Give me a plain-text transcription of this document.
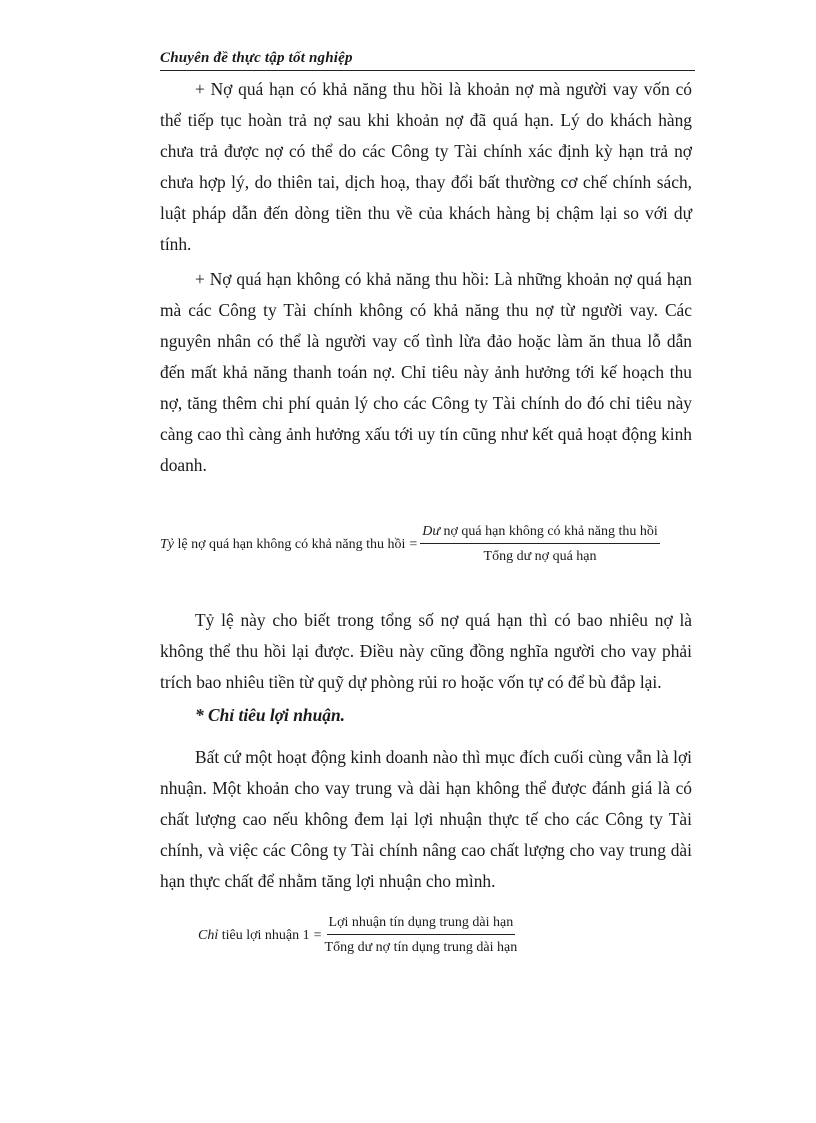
Chuyên đề thực tập tốt nghiệp

+ Nợ quá hạn có khả năng thu hồi là khoản nợ mà người vay vốn có thể tiếp tục hoàn trả nợ sau khi khoản nợ đã quá hạn. Lý do khách hàng chưa trả được nợ có thể do các Công ty Tài chính xác định kỳ hạn trả nợ chưa hợp lý, do thiên tai, dịch hoạ, thay đổi bất thường cơ chế chính sách, luật pháp dẫn đến dòng tiền thu về của khách hàng bị chậm lại so với dự tính.

+ Nợ quá hạn không có khả năng thu hồi: Là những khoản nợ quá hạn mà các Công ty Tài chính không có khả năng thu nợ từ người vay. Các nguyên nhân có thể là người vay cố tình lừa đảo hoặc làm ăn thua lỗ dẫn đến mất khả năng thanh toán nợ. Chỉ tiêu này ảnh hưởng tới kế hoạch thu nợ, tăng thêm chi phí quản lý cho các Công ty Tài chính do đó chỉ tiêu này càng cao thì càng ảnh hưởng xấu tới uy tín cũng như kết quả hoạt động kinh doanh.

Tỷ lệ nợ quá hạn không có khả năng thu hồi = $\frac{\text{Dư nợ quá hạn không có khả năng thu hồi}}{\text{Tổng dư nợ quá hạn}}$

Tỷ lệ này cho biết trong tổng số nợ quá hạn thì có bao nhiêu nợ là không thể thu hồi lại được. Điều này cũng đồng nghĩa người cho vay phải trích bao nhiêu tiền từ quỹ dự phòng rủi ro hoặc vốn tự có để bù đắp lại.

* Chỉ tiêu lợi nhuận.

Bất cứ một hoạt động kinh doanh nào thì mục đích cuối cùng vẫn là lợi nhuận. Một khoản cho vay trung và dài hạn không thể được đánh giá là có chất lượng cao nếu không đem lại lợi nhuận thực tế cho các Công ty Tài chính, và việc các Công ty Tài chính nâng cao chất lượng cho vay trung dài hạn thực chất để nhằm tăng lợi nhuận cho mình.

Chỉ tiêu lợi nhuận $1 = \frac{\text{Lợi nhuận tín dụng trung dài hạn}}{\text{Tổng dư nợ tín dụng trung dài hạn}}$
